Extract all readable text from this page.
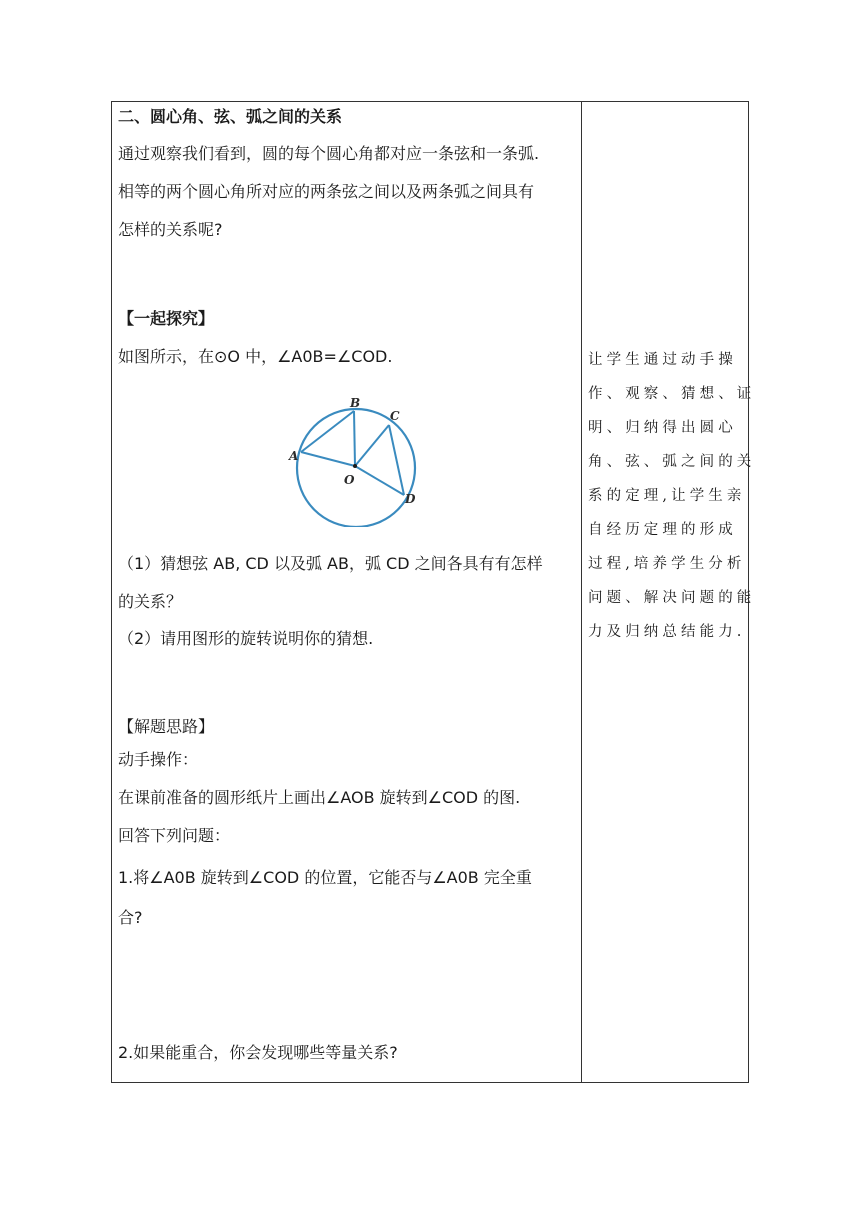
二、圆心角、弦、弧之间的关系
通过观察我们看到，圆的每个圆心角都对应一条弦和一条弧.
相等的两个圆心角所对应的两条弦之间以及两条弧之间具有
怎样的关系呢?
【一起探究】
如图所示，在⊙O 中，∠A0B=∠COD.
A
B
C
D
O
（1）猜想弦 AB, CD 以及弧 AB，弧 CD 之间各具有有怎样
的关系？
（2）请用图形的旋转说明你的猜想.
【解题思路】
动手操作：
在课前准备的圆形纸片上画出∠AOB 旋转到∠COD 的图.
回答下列问题：
1.将∠A0B 旋转到∠COD 的位置，它能否与∠A0B 完全重
合?
2.如果能重合，你会发现哪些等量关系?
让学生通过动手操
作、观察、猜想、证
明、归纳得出圆心
角、弦、弧之间的关
系的定理,让学生亲
自经历定理的形成
过程,培养学生分析
问题、解决问题的能
力及归纳总结能力.
